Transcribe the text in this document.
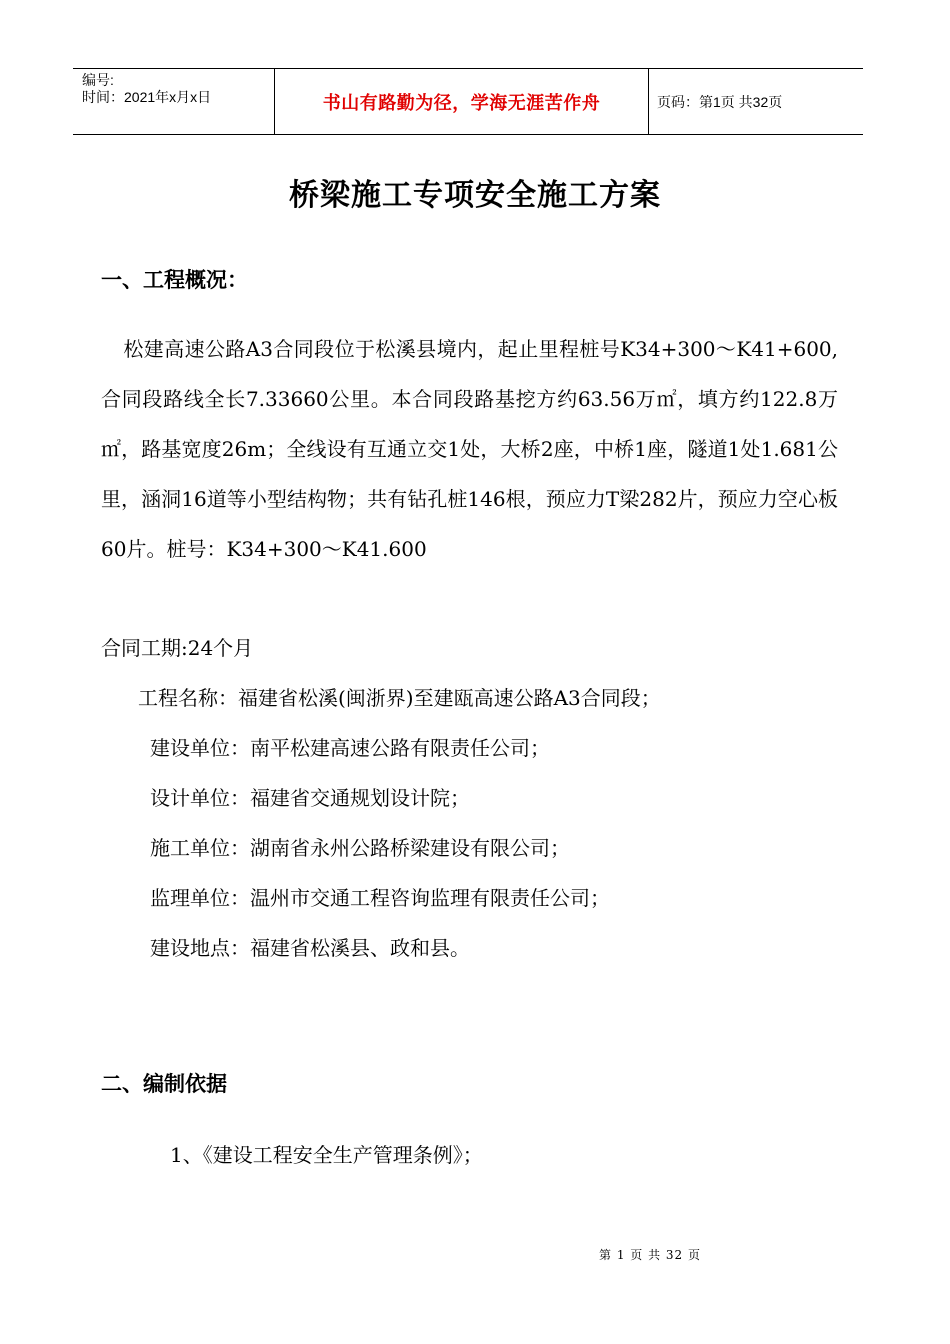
编号:
时间：2021年x月x日	书山有路勤为径，学海无涯苦作舟	页码：第1页 共32页
桥梁施工专项安全施工方案
一、工程概况：
松建高速公路A3合同段位于松溪县境内，起止里程桩号K34+300～K41+600,合同段路线全长7.33660公里。本合同段路基挖方约63.56万㎡，填方约122.8万㎡，路基宽度26m；全线设有互通立交1处，大桥2座，中桥1座，隧道1处1.681公里，涵洞16道等小型结构物；共有钻孔桩146根，预应力T梁282片，预应力空心板60片。桩号：K34+300～K41.600
合同工期:24个月
工程名称：福建省松溪(闽浙界)至建瓯高速公路A3合同段；
建设单位：南平松建高速公路有限责任公司；
设计单位：福建省交通规划设计院；
施工单位：湖南省永州公路桥梁建设有限公司；
监理单位：温州市交通工程咨询监理有限责任公司；
建设地点：福建省松溪县、政和县。
二、编制依据
1、《建设工程安全生产管理条例》；
第 1 页 共 32 页
